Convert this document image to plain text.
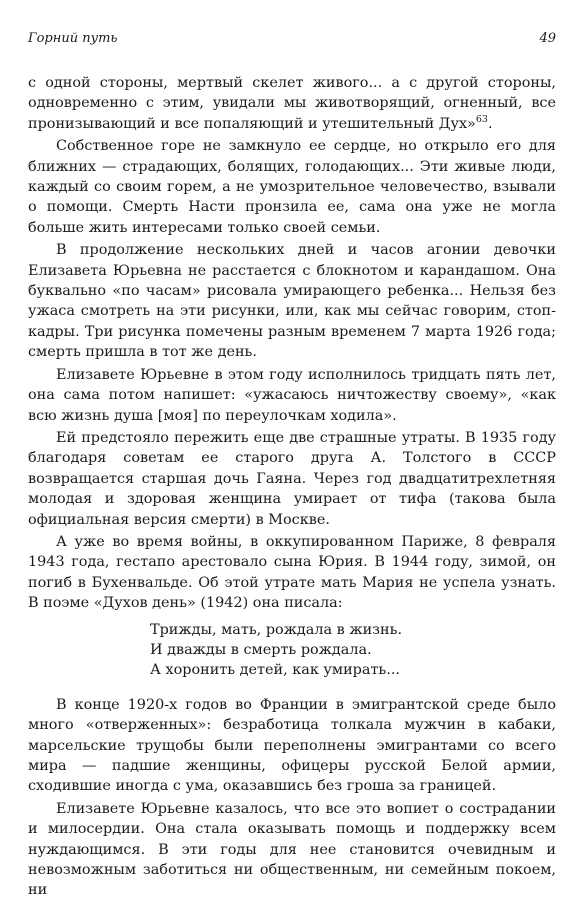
Горний путь	49

с одной стороны, мертвый скелет живого... а с другой стороны, одновременно с этим, увидали мы животворящий, огненный, все пронизывающий и все попаляющий и утешительный Дух»$^{63}$.

Собственное горе не замкнуло ее сердце, но открыло его для ближних — страдающих, болящих, голодающих... Эти живые люди, каждый со своим горем, а не умозрительное человечество, взывали о помощи. Смерть Насти пронзила ее, сама она уже не могла больше жить интересами только своей семьи.

В продолжение нескольких дней и часов агонии девочки Елизавета Юрьевна не расстается с блокнотом и карандашом. Она буквально «по часам» рисовала умирающего ребенка... Нельзя без ужаса смотреть на эти рисунки, или, как мы сейчас говорим, стоп-кадры. Три рисунка помечены разным временем 7 марта 1926 года; смерть пришла в тот же день.

Елизавете Юрьевне в этом году исполнилось тридцать пять лет, она сама потом напишет: «ужасаюсь ничтожеству своему», «как всю жизнь душа [моя] по переулочкам ходила».

Ей предстояло пережить еще две страшные утраты. В 1935 году благодаря советам ее старого друга А. Толстого в СССР возвращается старшая дочь Гаяна. Через год двадцатитрехлетняя молодая и здоровая женщина умирает от тифа (такова была официальная версия смерти) в Москве.

А уже во время войны, в оккупированном Париже, 8 февраля 1943 года, гестапо арестовало сына Юрия. В 1944 году, зимой, он погиб в Бухенвальде. Об этой утрате мать Мария не успела узнать. В поэме «Духов день» (1942) она писала:

Трижды, мать, рождала в жизнь.
И дважды в смерть рождала.
А хоронить детей, как умирать...

В конце 1920-х годов во Франции в эмигрантской среде было много «отверженных»: безработица толкала мужчин в кабаки, марсельские трущобы были переполнены эмигрантами со всего мира — падшие женщины, офицеры русской Белой армии, сходившие иногда с ума, оказавшись без гроша за границей.

Елизавете Юрьевне казалось, что все это вопиет о сострадании и милосердии. Она стала оказывать помощь и поддержку всем нуждающимся. В эти годы для нее становится очевидным и невозможным заботиться ни общественным, ни семейным покоем, ни
